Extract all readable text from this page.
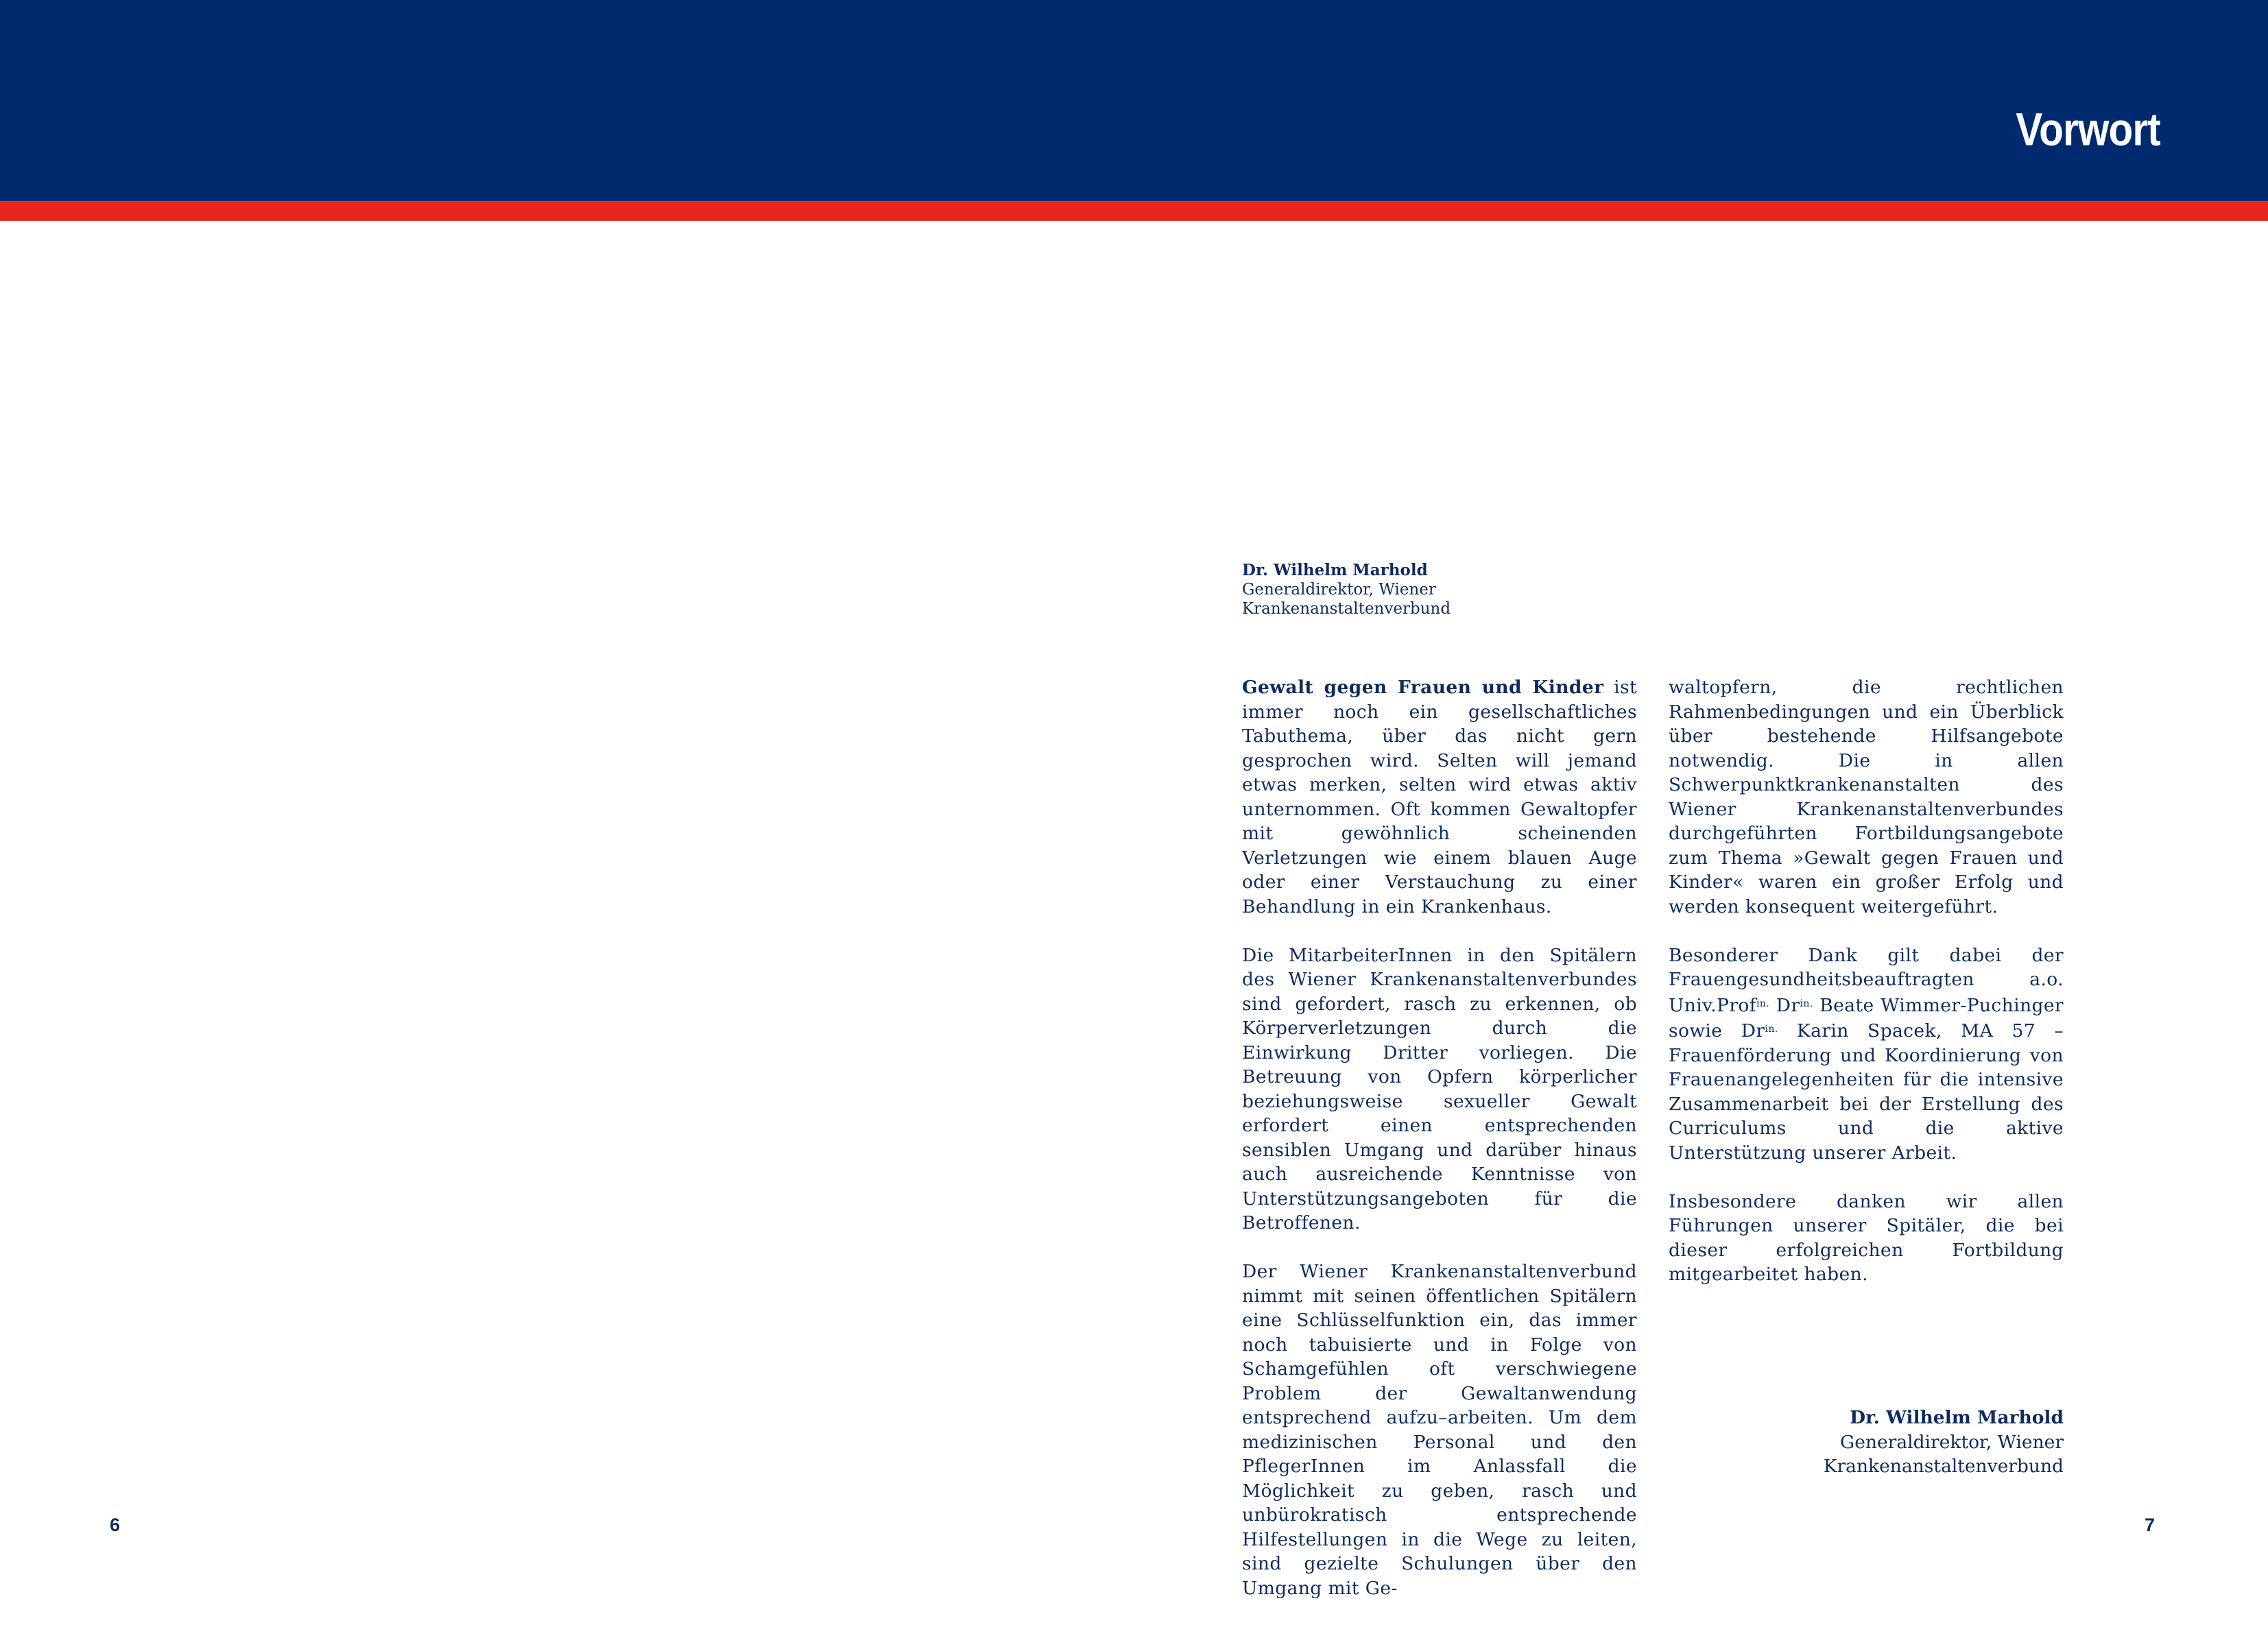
Vorwort
Dr. Wilhelm Marhold
Generaldirektor, Wiener
Krankenanstaltenverbund

Gewalt gegen Frauen und Kinder ist immer noch ein gesellschaftliches Tabuthema, über das nicht gern gesprochen wird. Selten will jemand etwas merken, selten wird etwas aktiv unternommen. Oft kommen Gewaltopfer mit gewöhnlich scheinenden Verletzungen wie einem blauen Auge oder einer Verstauchung zu einer Behandlung in ein Krankenhaus.

Die MitarbeiterInnen in den Spitälern des Wiener Krankenanstaltenverbundes sind gefordert, rasch zu erkennen, ob Körperverletzungen durch die Einwirkung Dritter vorliegen. Die Betreuung von Opfern körperlicher beziehungsweise sexueller Gewalt erfordert einen entsprechenden sensiblen Umgang und darüber hinaus auch ausreichende Kenntnisse von Unterstützungsangeboten für die Betroffenen.

Der Wiener Krankenanstaltenverbund nimmt mit seinen öffentlichen Spitälern eine Schlüsselfunktion ein, das immer noch tabuisierte und in Folge von Schamgefühlen oft verschwiegene Problem der Gewaltanwendung entsprechend aufzu–arbeiten. Um dem medizinischen Personal und den PflegerInnen im Anlassfall die Möglichkeit zu geben, rasch und unbürokratisch entsprechende Hilfestellungen in die Wege zu leiten, sind gezielte Schulungen über den Umgang mit Ge-

waltopfern, die rechtlichen Rahmenbedingungen und ein Überblick über bestehende Hilfsangebote notwendig. Die in allen Schwerpunktkrankenanstalten des Wiener Krankenanstaltenverbundes durchgeführten Fortbildungsangebote zum Thema »Gewalt gegen Frauen und Kinder« waren ein großer Erfolg und werden konsequent weitergeführt.

Besonderer Dank gilt dabei der Frauengesundheitsbeauftragten a.o. Univ.Prof$^{in.}$ $Dr^{in.}$ Beate Wimmer-Puchinger sowie $Dr^{in.}$ Karin Spacek, MA 57 – Frauenförderung und Koordinierung von Frauenangelegenheiten für die intensive Zusammenarbeit bei der Erstellung des Curriculums und die aktive Unterstützung unserer Arbeit.

Insbesondere danken wir allen Führungen unserer Spitäler, die bei dieser erfolgreichen Fortbildung mitgearbeitet haben.

Dr. Wilhelm Marhold
Generaldirektor, Wiener
Krankenanstaltenverbund
6	7
